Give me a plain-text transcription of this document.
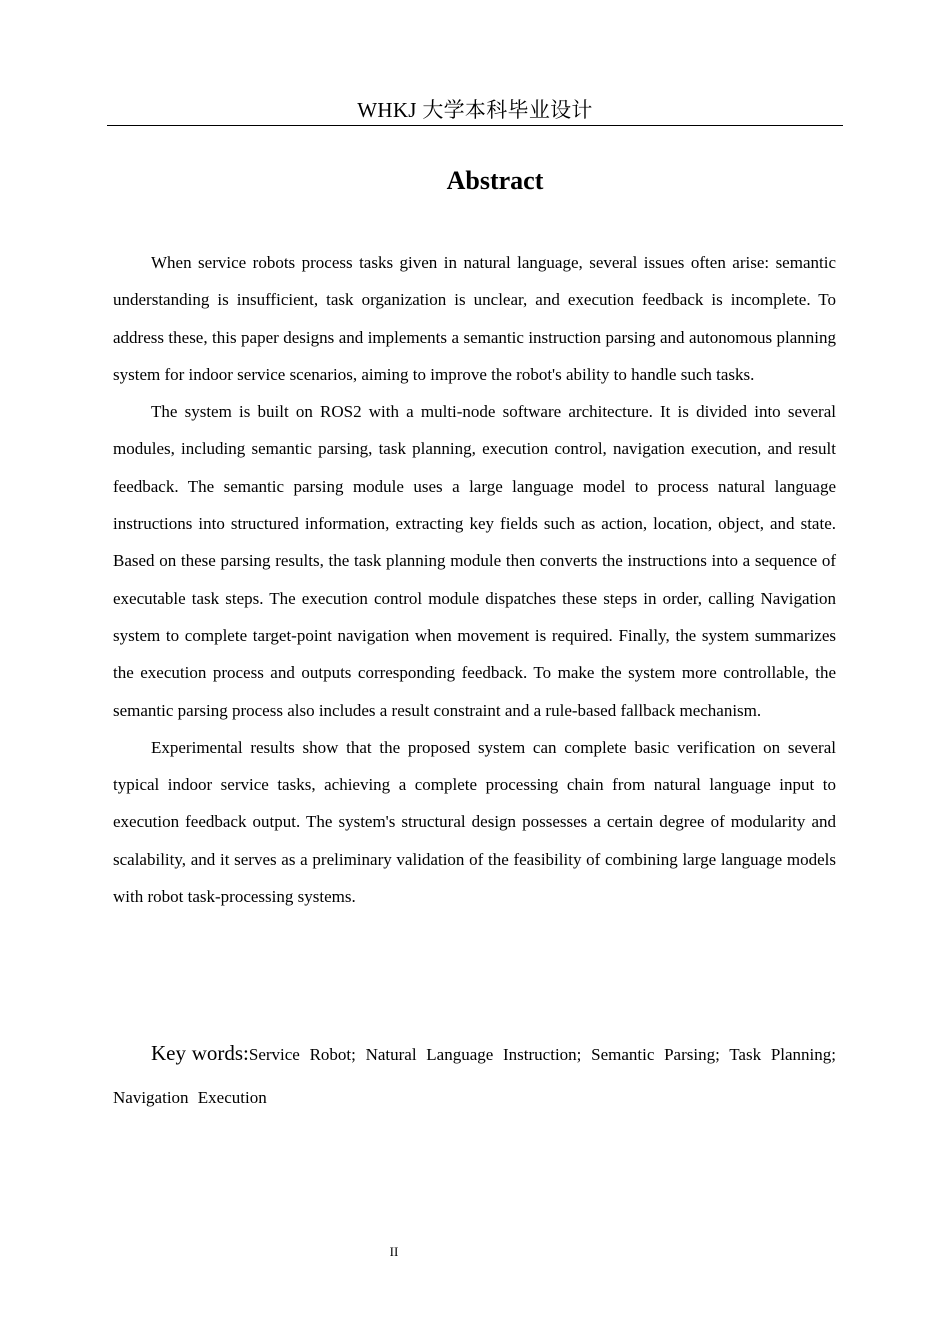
WHKJ 大学本科毕业设计
Abstract

When service robots process tasks given in natural language, several issues often arise: semantic understanding is insufficient, task organization is unclear, and execution feedback is incomplete. To address these, this paper designs and implements a semantic instruction parsing and autonomous planning system for indoor service scenarios, aiming to improve the robot's ability to handle such tasks.

The system is built on ROS2 with a multi-node software architecture. It is divided into several modules, including semantic parsing, task planning, execution control, navigation execution, and result feedback. The semantic parsing module uses a large language model to process natural language instructions into structured information, extracting key fields such as action, location, object, and state. Based on these parsing results, the task planning module then converts the instructions into a sequence of executable task steps. The execution control module dispatches these steps in order, calling Navigation system to complete target-point navigation when movement is required. Finally, the system summarizes the execution process and outputs corresponding feedback. To make the system more controllable, the semantic parsing process also includes a result constraint and a rule-based fallback mechanism.

Experimental results show that the proposed system can complete basic verification on several typical indoor service tasks, achieving a complete processing chain from natural language input to execution feedback output. The system's structural design possesses a certain degree of modularity and scalability, and it serves as a preliminary validation of the feasibility of combining large language models with robot task-processing systems.

Key words:Service Robot; Natural Language Instruction; Semantic Parsing; Task Planning; Navigation Execution

II
